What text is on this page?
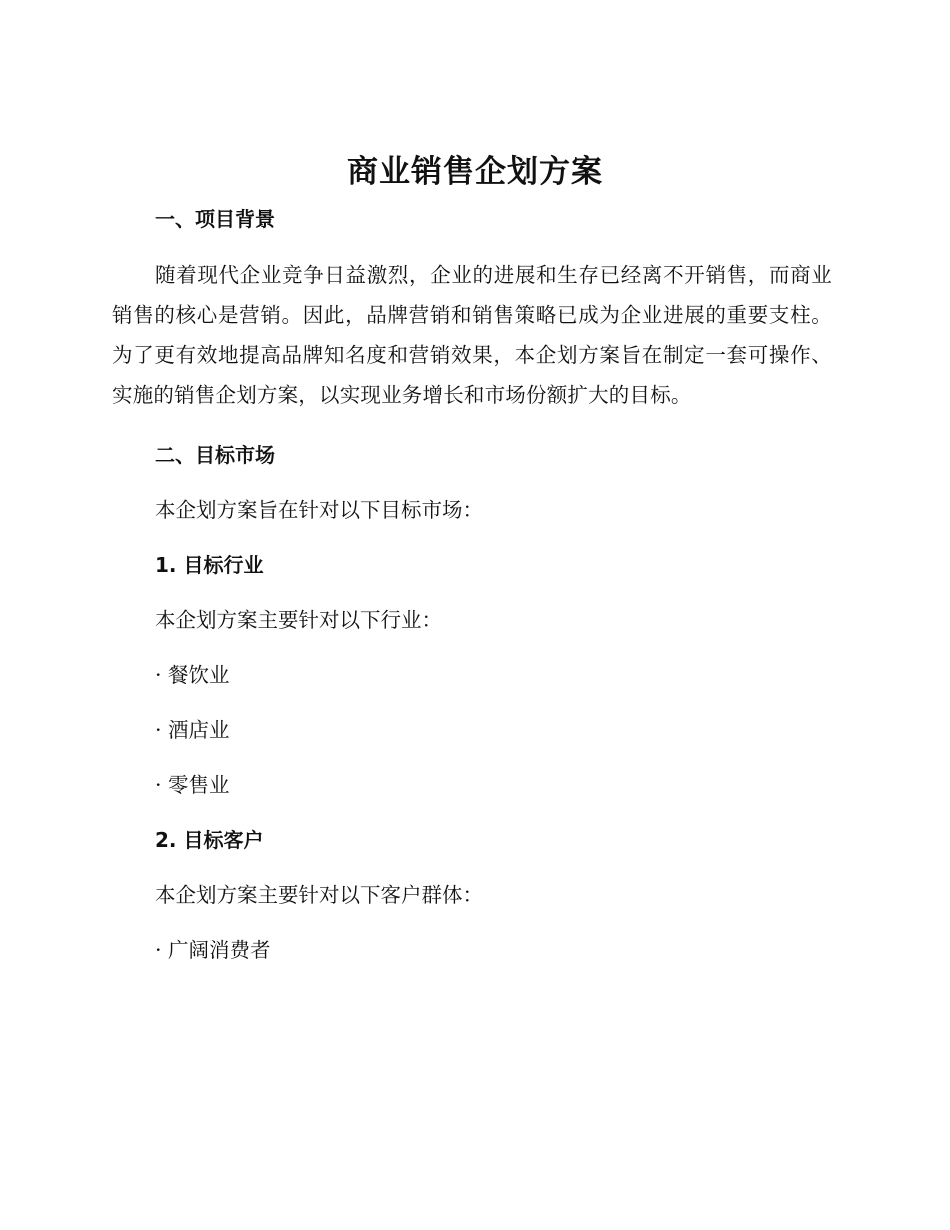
商业销售企划方案
一、项目背景

随着现代企业竞争日益激烈，企业的进展和生存已经离不开销售，而商业销售的核心是营销。因此，品牌营销和销售策略已成为企业进展的重要支柱。为了更有效地提高品牌知名度和营销效果，本企划方案旨在制定一套可操作、实施的销售企划方案，以实现业务增长和市场份额扩大的目标。

二、目标市场

本企划方案旨在针对以下目标市场：

1. 目标行业

本企划方案主要针对以下行业：

· 餐饮业

· 酒店业

· 零售业

2. 目标客户

本企划方案主要针对以下客户群体：

· 广阔消费者
